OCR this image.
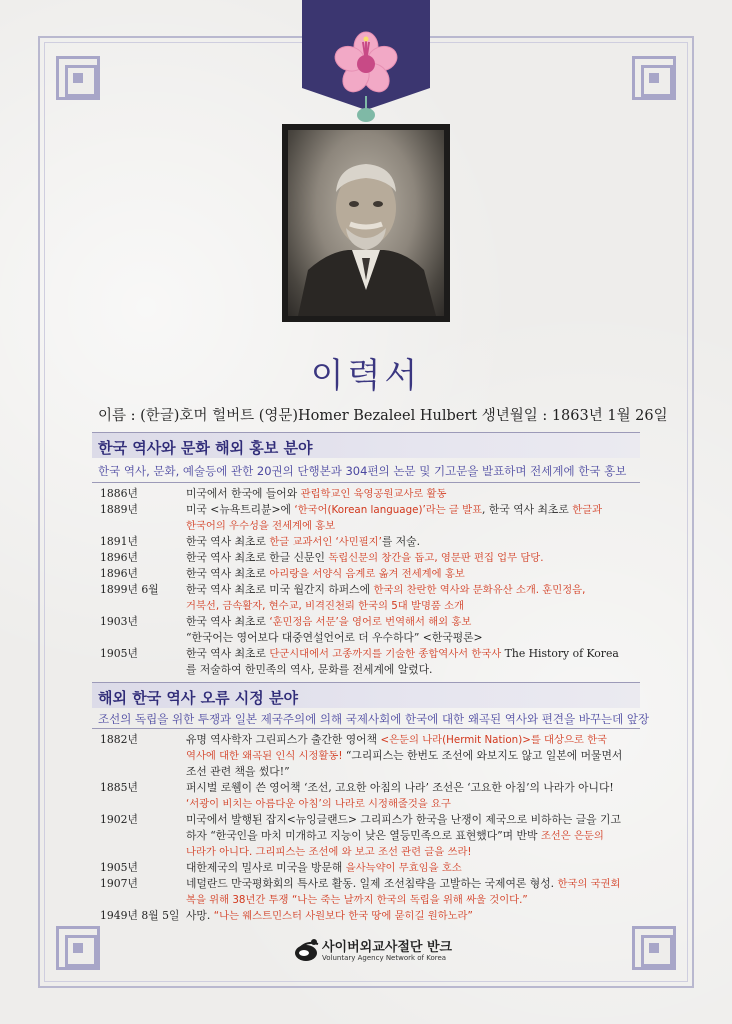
이력서
이름 : (한글)호머 헐버트 (영문)Homer Bezaleel Hulbert 생년월일 : 1863년 1월 26일
한국 역사와 문화 해외 홍보 분야
한국 역사, 문화, 예술등에 관한 20권의 단행본과 304편의 논문 및 기고문을 발표하며 전세계에 한국 홍보
1886년	미국에서 한국에 들어와 관립학교인 육영공원교사로 활동
1889년	미국 <뉴욕트리뷴>에 ‘한국어(Korean language)’라는 글 발표, 한국 역사 최초로 한글과
한국어의 우수성을 전세계에 홍보
1891년	한국 역사 최초로 한글 교과서인 ‘사민필지’를 저술.
1896년	한국 역사 최초로 한글 신문인 독립신문의 창간을 돕고, 영문판 편집 업무 담당.
1896년	한국 역사 최초로 아리랑을 서양식 음계로 옮겨 전세계에 홍보
1899년 6월	한국 역사 최초로 미국 월간지 하퍼스에 한국의 찬란한 역사와 문화유산 소개. 훈민정음,
거북선, 금속활자, 현수교, 비격진천뢰 한국의 5대 발명품 소개
1903년	한국 역사 최초로 ‘훈민정음 서문’을 영어로 번역해서 해외 홍보
“한국어는 영어보다 대중연설언어로 더 우수하다” <한국평론>
1905년	한국 역사 최초로 단군시대에서 고종까지를 기술한 종합역사서 한국사 The History of Korea
를 저술하여 한민족의 역사, 문화를 전세계에 알렸다.
해외 한국 역사 오류 시정 분야
조선의 독립을 위한 투쟁과 일본 제국주의에 의해 국제사회에 한국에 대한 왜곡된 역사와 편견을 바꾸는데 앞장
1882년	유명 역사학자 그린피스가 출간한 영어책 <은둔의 나라(Hermit Nation)>를 대상으로 한국
역사에 대한 왜곡된 인식 시정활동! “그리피스는 한번도 조선에 와보지도 않고 일본에 머물면서
조선 관련 책을 썼다!”
1885년	퍼시벌 로웰이 쓴 영어책 ‘조선, 고요한 아침의 나라’ 조선은 ‘고요한 아침’의 나라가 아니다!
‘서광이 비치는 아름다운 아침’의 나라로 시정해줄것을 요구
1902년	미국에서 발행된 잡지<뉴잉글랜드> 그리피스가 한국을 난쟁이 제국으로 비하하는 글을 기고
하자 “한국인을 마치 미개하고 지능이 낮은 열등민족으로 표현했다”며 반박 조선은 은둔의
나라가 아니다. 그리피스는 조선에 와 보고 조선 관련 글을 쓰라!
1905년	대한제국의 밀사로 미국을 방문해 을사늑약이 무효임을 호소
1907년	네덜란드 만국평화회의 특사로 활동. 일제 조선침략을 고발하는 국제여론 형성. 한국의 국권회
복을 위해 38년간 투쟁 “나는 죽는 날까지 한국의 독립을 위해 싸울 것이다.”
1949년 8월 5일 사망. “나는 웨스트민스터 사원보다 한국 땅에 묻히길 원하노라”
사이버외교사절단 반크
Voluntary Agency Network of Korea
